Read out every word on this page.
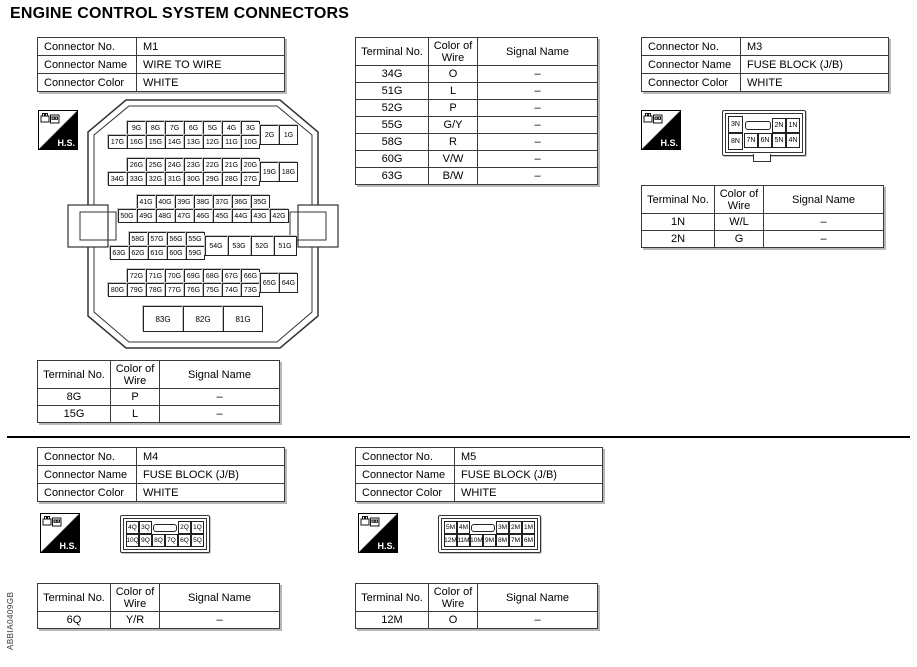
ENGINE CONTROL SYSTEM CONNECTORS
Connector No.	M1
Connector Name	WIRE TO WIRE
Connector Color	WHITE
H.S.
9G	8G	7G	6G	5G	4G	3G
17G 16G 15G 14G 13G 12G 11G 10G
2G	1G
26G 25G 24G 23G 22G 21G 20G
34G 33G 32G 31G 30G 29G 28G 27G
19G 18G
41G 40G 39G 38G 37G 36G 35G
50G 49G 48G 47G 46G 45G 44G 43G 42G
58G 57G 56G 55G
63G 62G 61G 60G 59G
54G	53G	52G	51G
72G 71G 70G 69G 68G 67G 66G
80G 79G 78G 77G 76G 75G 74G 73G
65G 64G
83G	82G	81G
Terminal No.	Color of Wire	Signal Name
8G	P	–
15G	L	–
Terminal No.	Color of Wire	Signal Name
34G	O	–
51G	L	–
52G	P	–
55G	G/Y	–
58G	R	–
60G	V/W	–
63G	B/W	–
Connector No.	M3
Connector Name	FUSE BLOCK (J/B)
Connector Color	WHITE
H.S.
3N
8N
2N 1N
7N 6N 5N 4N
Terminal No.	Color of Wire	Signal Name
1N	W/L	–
2N	G	–
Connector No.	M4
Connector Name	FUSE BLOCK (J/B)
Connector Color	WHITE
H.S.
4Q 3Q	2Q 1Q
10Q 9Q 8Q 7Q 6Q 5Q
Terminal No.	Color of Wire	Signal Name
6Q	Y/R	–
Connector No.	M5
Connector Name	FUSE BLOCK (J/B)
Connector Color	WHITE
H.S.
5M 4M	3M 2M 1M
12M 11M 10M 9M 8M 7M 6M
Terminal No.	Color of Wire	Signal Name
12M	O	–
ABBIA0409GB
